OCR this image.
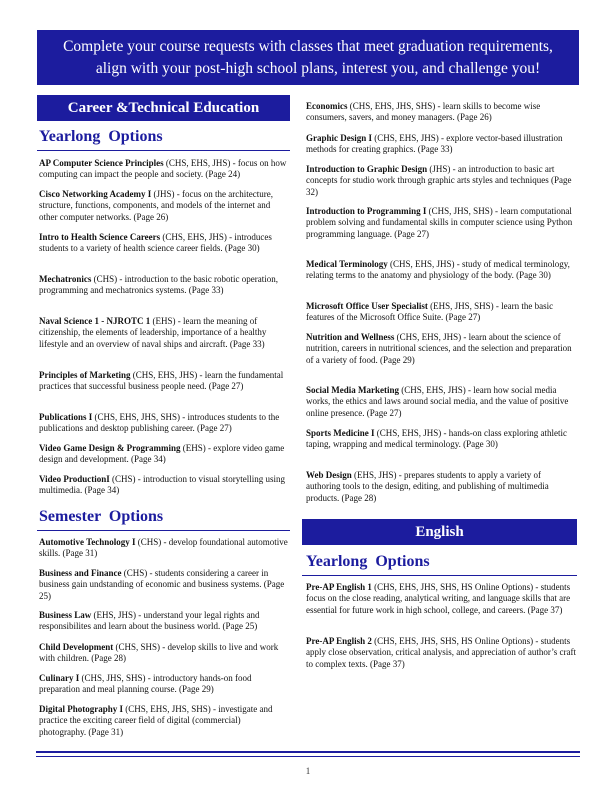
Complete your course requests with classes that meet graduation requirements,
align with your post-high school plans, interest you, and challenge you!
Career &Technical Education
Yearlong Options
AP Computer Science Principles (CHS, EHS, JHS) - focus on how computing can impact the people and society. (Page 24)
Cisco Networking Academy I (JHS) - focus on the architecture, structure, functions, components, and models of the internet and other computer networks. (Page 26)
Intro to Health Science Careers (CHS, EHS, JHS) - introduces students to a variety of health science career fields. (Page 30)
Mechatronics (CHS) - introduction to the basic robotic operation, programming and mechatronics systems. (Page 33)
Naval Science 1 - NJROTC 1 (EHS) - learn the meaning of citizenship, the elements of leadership, importance of a healthy lifestyle and an overview of naval ships and aircraft. (Page 33)
Principles of Marketing (CHS, EHS, JHS) - learn the fundamental practices that successful business people need. (Page 27)
Publications I (CHS, EHS, JHS, SHS) - introduces students to the publications and desktop publishing career. (Page 27)
Video Game Design & Programming (EHS) - explore video game design and development. (Page 34)
Video ProductionI (CHS) - introduction to visual storytelling using multimedia. (Page 34)
Semester Options
Automotive Technology I (CHS) - develop foundational automotive skills. (Page 31)
Business and Finance (CHS) - students considering a career in business gain undstanding of economic and business systems. (Page 25)
Business Law (EHS, JHS) - understand your legal rights and responsibilites and learn about the business world. (Page 25)
Child Development (CHS, SHS) - develop skills to live and work with children. (Page 28)
Culinary I (CHS, JHS, SHS) - introductory hands-on food preparation and meal planning course. (Page 29)
Digital Photography I (CHS, EHS, JHS, SHS) - investigate and practice the exciting career field of digital (commercial) photography. (Page 31)
Economics (CHS, EHS, JHS, SHS) - learn skills to become wise consumers, savers, and money managers. (Page 26)
Graphic Design I (CHS, EHS, JHS) - explore vector-based illustration methods for creating graphics. (Page 33)
Introduction to Graphic Design (JHS) - an introduction to basic art concepts for studio work through graphic arts styles and techniques (Page 32)
Introduction to Programming I (CHS, JHS, SHS) - learn computational problem solving and fundamental skills in computer science using Python programming language. (Page 27)
Medical Terminology (CHS, EHS, JHS) - study of medical terminology, relating terms to the anatomy and physiology of the body. (Page 30)
Microsoft Office User Specialist (EHS, JHS, SHS) - learn the basic features of the Microsoft Office Suite. (Page 27)
Nutrition and Wellness (CHS, EHS, JHS) - learn about the science of nutrition, careers in nutritional sciences, and the selection and preparation of a variety of food. (Page 29)
Social Media Marketing (CHS, EHS, JHS) - learn how social media works, the ethics and laws around social media, and the value of positive online presence. (Page 27)
Sports Medicine I (CHS, EHS, JHS) - hands-on class exploring athletic taping, wrapping and medical terminology. (Page 30)
Web Design (EHS, JHS) - prepares students to apply a variety of authoring tools to the design, editing, and publishing of multimedia products. (Page 28)
English
Yearlong Options
Pre-AP English 1 (CHS, EHS, JHS, SHS, HS Online Options) - students focus on the close reading, analytical writing, and language skills that are essential for future work in high school, college, and careers. (Page 37)
Pre-AP English 2 (CHS, EHS, JHS, SHS, HS Online Options) - students apply close observation, critical analysis, and appreciation of author’s craft to complex texts. (Page 37)
1
